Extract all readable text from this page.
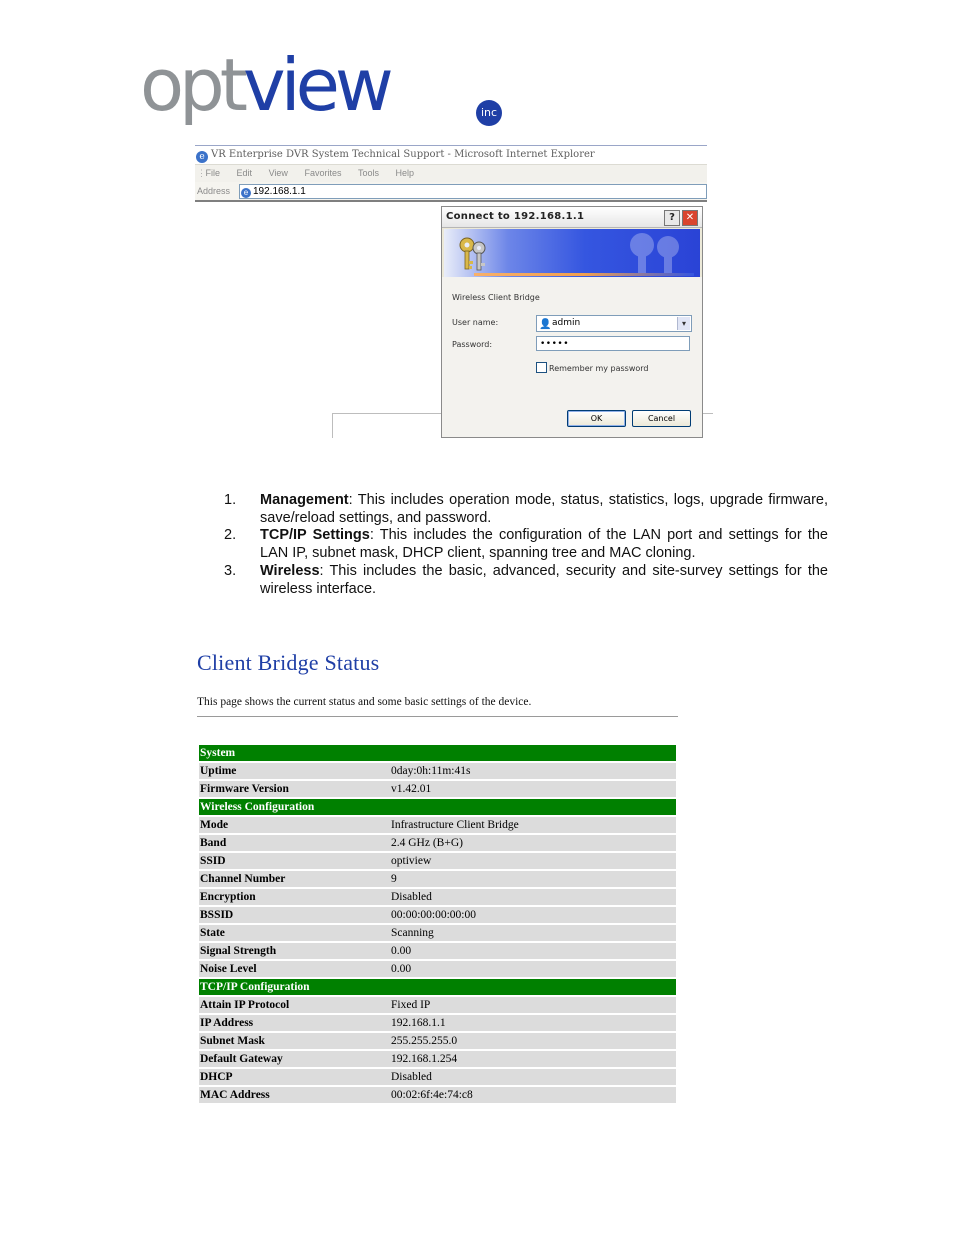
optview	inc
e VR Enterprise DVR System Technical Support - Microsoft Internet Explorer
⋮ File Edit View Favorites Tools Help
Address	e 192.168.1.1
Connect to 192.168.1.1	?	✕
Wireless Client Bridge
User name:	👤admin	▾
Password:	•••••
Remember my password
OK	Cancel
1. Management: This includes operation mode, status, statistics, logs, upgrade firmware, save/reload settings, and password.
2. TCP/IP Settings: This includes the configuration of the LAN port and settings for the LAN IP, subnet mask, DHCP client, spanning tree and MAC cloning.
3. Wireless: This includes the basic, advanced, security and site-survey settings for the wireless interface.
Client Bridge Status
This page shows the current status and some basic settings of the device.
System	
Uptime	0day:0h:11m:41s
Firmware Version	v1.42.01
Wireless Configuration	
Mode	Infrastructure Client Bridge
Band	2.4 GHz (B+G)
SSID	optiview
Channel Number	9
Encryption	Disabled
BSSID	00:00:00:00:00:00
State	Scanning
Signal Strength	0.00
Noise Level	0.00
TCP/IP Configuration	
Attain IP Protocol	Fixed IP
IP Address	192.168.1.1
Subnet Mask	255.255.255.0
Default Gateway	192.168.1.254
DHCP	Disabled
MAC Address	00:02:6f:4e:74:c8
